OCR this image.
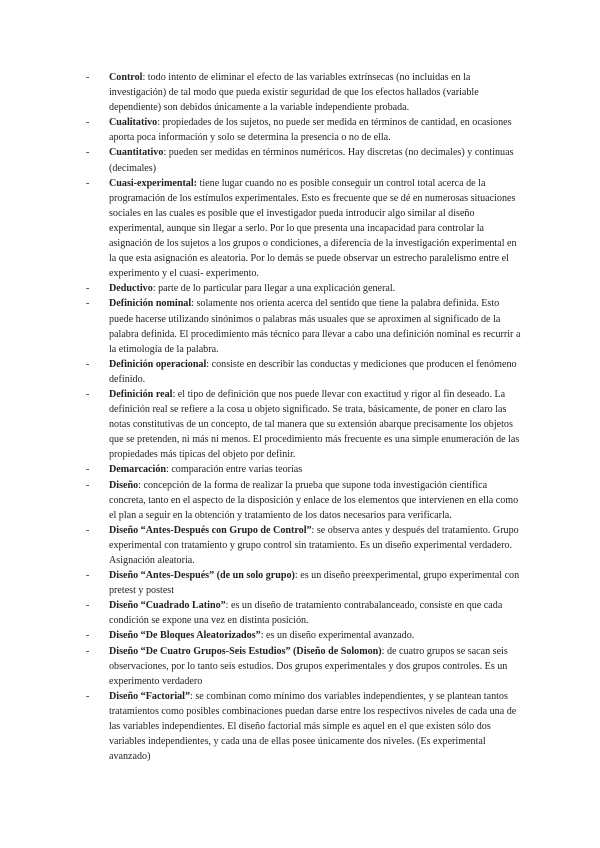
- Control: todo intento de eliminar el efecto de las variables extrínsecas (no incluidas en la investigación) de tal modo que pueda existir seguridad de que los efectos hallados (variable dependiente) son debidos únicamente a la variable independiente probada.
- Cualitativo: propiedades de los sujetos, no puede ser medida en términos de cantidad, en ocasiones aporta poca información y solo se determina la presencia o no de ella.
- Cuantitativo: pueden ser medidas en términos numéricos. Hay discretas (no decimales) y continuas (decimales)
- Cuasi-experimental: tiene lugar cuando no es posible conseguir un control total acerca de la programación de los estímulos experimentales. Esto es frecuente que se dé en numerosas situaciones sociales en las cuales es posible que el investigador pueda introducir algo similar al diseño experimental, aunque sin llegar a serlo. Por lo que presenta una incapacidad para controlar la asignación de los sujetos a los grupos o condiciones, a diferencia de la investigación experimental en la que esta asignación es aleatoria. Por lo demás se puede observar un estrecho paralelismo entre el experimento y el cuasi- experimento.
- Deductivo: parte de lo particular para llegar a una explicación general.
- Definición nominal: solamente nos orienta acerca del sentido que tiene la palabra definida. Esto puede hacerse utilizando sinónimos o palabras más usuales que se aproximen al significado de la palabra definida. El procedimiento más técnico para llevar a cabo una definición nominal es recurrir a la etimología de la palabra.
- Definición operacional: consiste en describir las conductas y mediciones que producen el fenómeno definido.
- Definición real: el tipo de definición que nos puede llevar con exactitud y rigor al fin deseado. La definición real se refiere a la cosa u objeto significado. Se trata, básicamente, de poner en claro las notas constitutivas de un concepto, de tal manera que su extensión abarque precisamente los objetos que se pretenden, ni más ni menos. El procedimiento más frecuente es una simple enumeración de las propiedades más típicas del objeto por definir.
- Demarcación: comparación entre varias teorías
- Diseño: concepción de la forma de realizar la prueba que supone toda investigación científica concreta, tanto en el aspecto de la disposición y enlace de los elementos que intervienen en ella como el plan a seguir en la obtención y tratamiento de los datos necesarios para verificarla.
- Diseño “Antes-Después con Grupo de Control”: se observa antes y después del tratamiento. Grupo experimental con tratamiento y grupo control sin tratamiento. Es un diseño experimental verdadero. Asignación aleatoria.
- Diseño “Antes-Después” (de un solo grupo): es un diseño preexperimental, grupo experimental con pretest y postest
- Diseño “Cuadrado Latino”: es un diseño de tratamiento contrabalanceado, consiste en que cada condición se expone una vez en distinta posición.
- Diseño “De Bloques Aleatorizados”: es un diseño experimental avanzado.
- Diseño “De Cuatro Grupos-Seis Estudios” (Diseño de Solomon): de cuatro grupos se sacan seis observaciones, por lo tanto seis estudios. Dos grupos experimentales y dos grupos controles. Es un experimento verdadero
- Diseño “Factorial”: se combinan como mínimo dos variables independientes, y se plantean tantos tratamientos como posibles combinaciones puedan darse entre los respectivos niveles de cada una de las variables independientes. El diseño factorial más simple es aquel en el que existen sólo dos variables independientes, y cada una de ellas posee únicamente dos niveles. (Es experimental avanzado)
